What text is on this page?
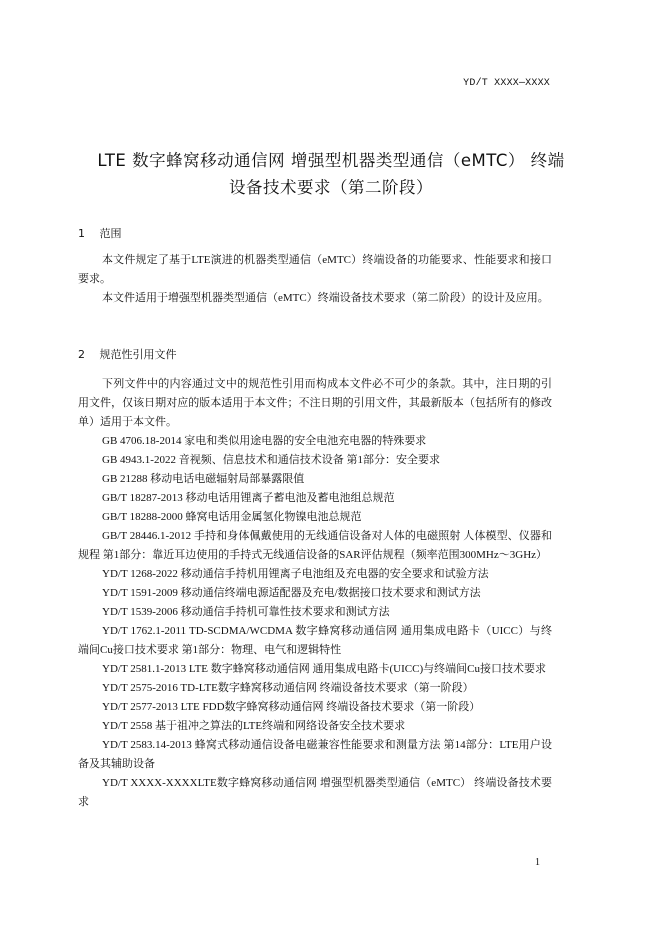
YD/T XXXX—XXXX
LTE 数字蜂窝移动通信网 增强型机器类型通信（eMTC） 终端
设备技术要求（第二阶段）
1 范围

本文件规定了基于LTE演进的机器类型通信（eMTC）终端设备的功能要求、性能要求和接口要求。

本文件适用于增强型机器类型通信（eMTC）终端设备技术要求（第二阶段）的设计及应用。

2 规范性引用文件

下列文件中的内容通过文中的规范性引用而构成本文件必不可少的条款。其中，注日期的引用文件，仅该日期对应的版本适用于本文件；不注日期的引用文件，其最新版本（包括所有的修改单）适用于本文件。

GB 4706.18-2014 家电和类似用途电器的安全电池充电器的特殊要求
GB 4943.1-2022 音视频、信息技术和通信技术设备 第1部分：安全要求
GB 21288 移动电话电磁辐射局部暴露限值
GB/T 18287-2013 移动电话用锂离子蓄电池及蓄电池组总规范
GB/T 18288-2000 蜂窝电话用金属氢化物镍电池总规范
GB/T 28446.1-2012 手持和身体佩戴使用的无线通信设备对人体的电磁照射 人体模型、仪器和规程 第1部分：靠近耳边使用的手持式无线通信设备的SAR评估规程（频率范围300MHz～3GHz）
YD/T 1268-2022 移动通信手持机用锂离子电池组及充电器的安全要求和试验方法
YD/T 1591-2009 移动通信终端电源适配器及充电/数据接口技术要求和测试方法
YD/T 1539-2006 移动通信手持机可靠性技术要求和测试方法
YD/T 1762.1-2011 TD-SCDMA/WCDMA 数字蜂窝移动通信网 通用集成电路卡（UICC）与终端间Cu接口技术要求 第1部分：物理、电气和逻辑特性
YD/T 2581.1-2013 LTE 数字蜂窝移动通信网 通用集成电路卡(UICC)与终端间Cu接口技术要求
YD/T 2575-2016 TD-LTE数字蜂窝移动通信网 终端设备技术要求（第一阶段）
YD/T 2577-2013 LTE FDD数字蜂窝移动通信网 终端设备技术要求（第一阶段）
YD/T 2558 基于祖冲之算法的LTE终端和网络设备安全技术要求
YD/T 2583.14-2013 蜂窝式移动通信设备电磁兼容性能要求和测量方法 第14部分：LTE用户设备及其辅助设备
YD/T XXXX-XXXXLTE数字蜂窝移动通信网 增强型机器类型通信（eMTC） 终端设备技术要求
1
